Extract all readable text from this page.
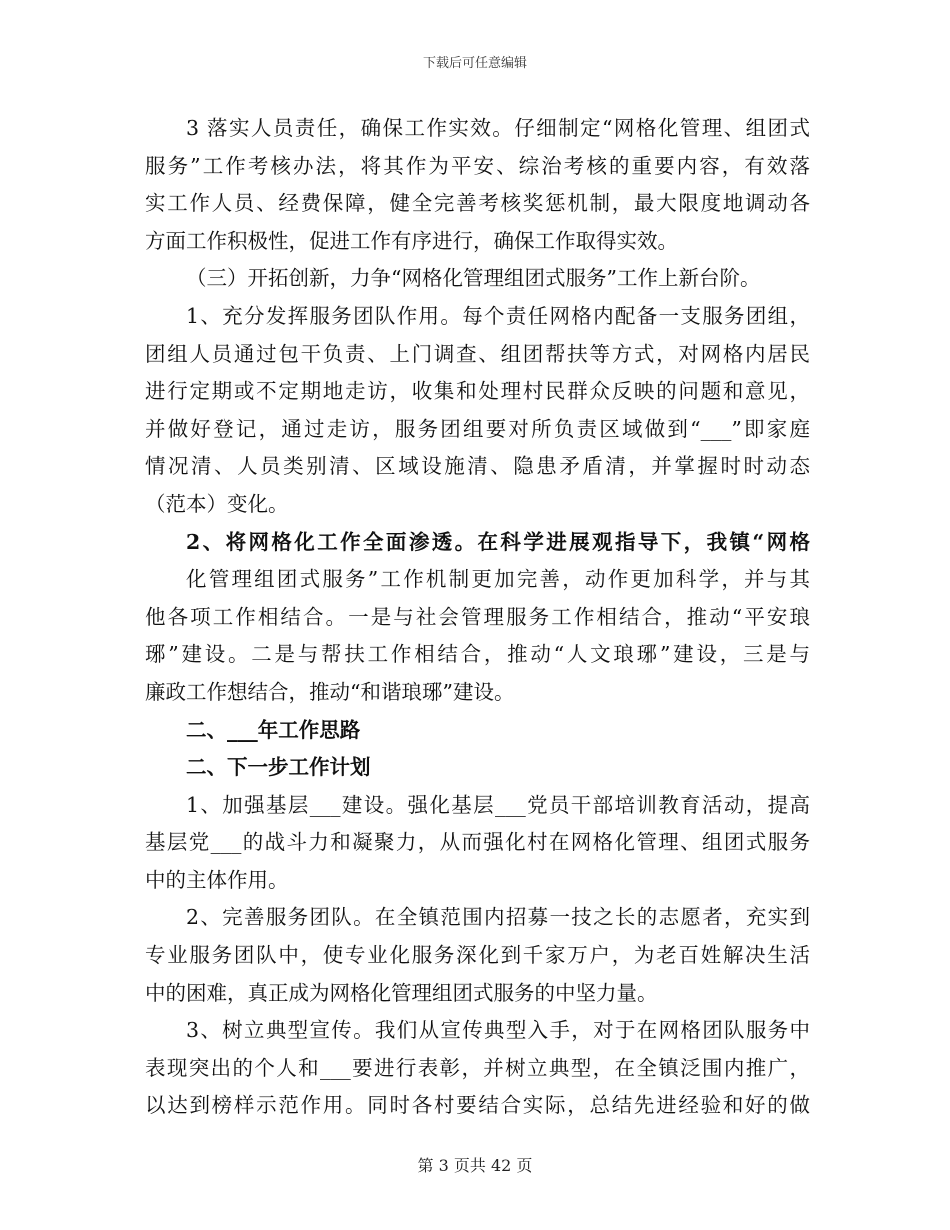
下载后可任意编辑
3 落实人员责任，确保工作实效。仔细制定“网格化管理、组团式
服务”工作考核办法，将其作为平安、综治考核的重要内容，有效落
实工作人员、经费保障，健全完善考核奖惩机制，最大限度地调动各
方面工作积极性，促进工作有序进行，确保工作取得实效。
（三）开拓创新，力争“网格化管理组团式服务”工作上新台阶。
1、充分发挥服务团队作用。每个责任网格内配备一支服务团组，
团组人员通过包干负责、上门调查、组团帮扶等方式，对网格内居民
进行定期或不定期地走访，收集和处理村民群众反映的问题和意见，
并做好登记，通过走访，服务团组要对所负责区域做到“___”即家庭
情况清、人员类别清、区域设施清、隐患矛盾清，并掌握时时动态
（范本）变化。
2、将网格化工作全面渗透。在科学进展观指导下，我镇“网格
化管理组团式服务”工作机制更加完善，动作更加科学，并与其
他各项工作相结合。一是与社会管理服务工作相结合，推动“平安琅
琊”建设。二是与帮扶工作相结合，推动“人文琅琊”建设，三是与
廉政工作想结合，推动“和谐琅琊”建设。
二、___年工作思路
二、下一步工作计划
1、加强基层___建设。强化基层___党员干部培训教育活动，提高
基层党___的战斗力和凝聚力，从而强化村在网格化管理、组团式服务
中的主体作用。
2、完善服务团队。在全镇范围内招募一技之长的志愿者，充实到
专业服务团队中，使专业化服务深化到千家万户，为老百姓解决生活
中的困难，真正成为网格化管理组团式服务的中坚力量。
3、树立典型宣传。我们从宣传典型入手，对于在网格团队服务中
表现突出的个人和___要进行表彰，并树立典型，在全镇泛围内推广，
以达到榜样示范作用。同时各村要结合实际，总结先进经验和好的做
第 3 页共 42 页
